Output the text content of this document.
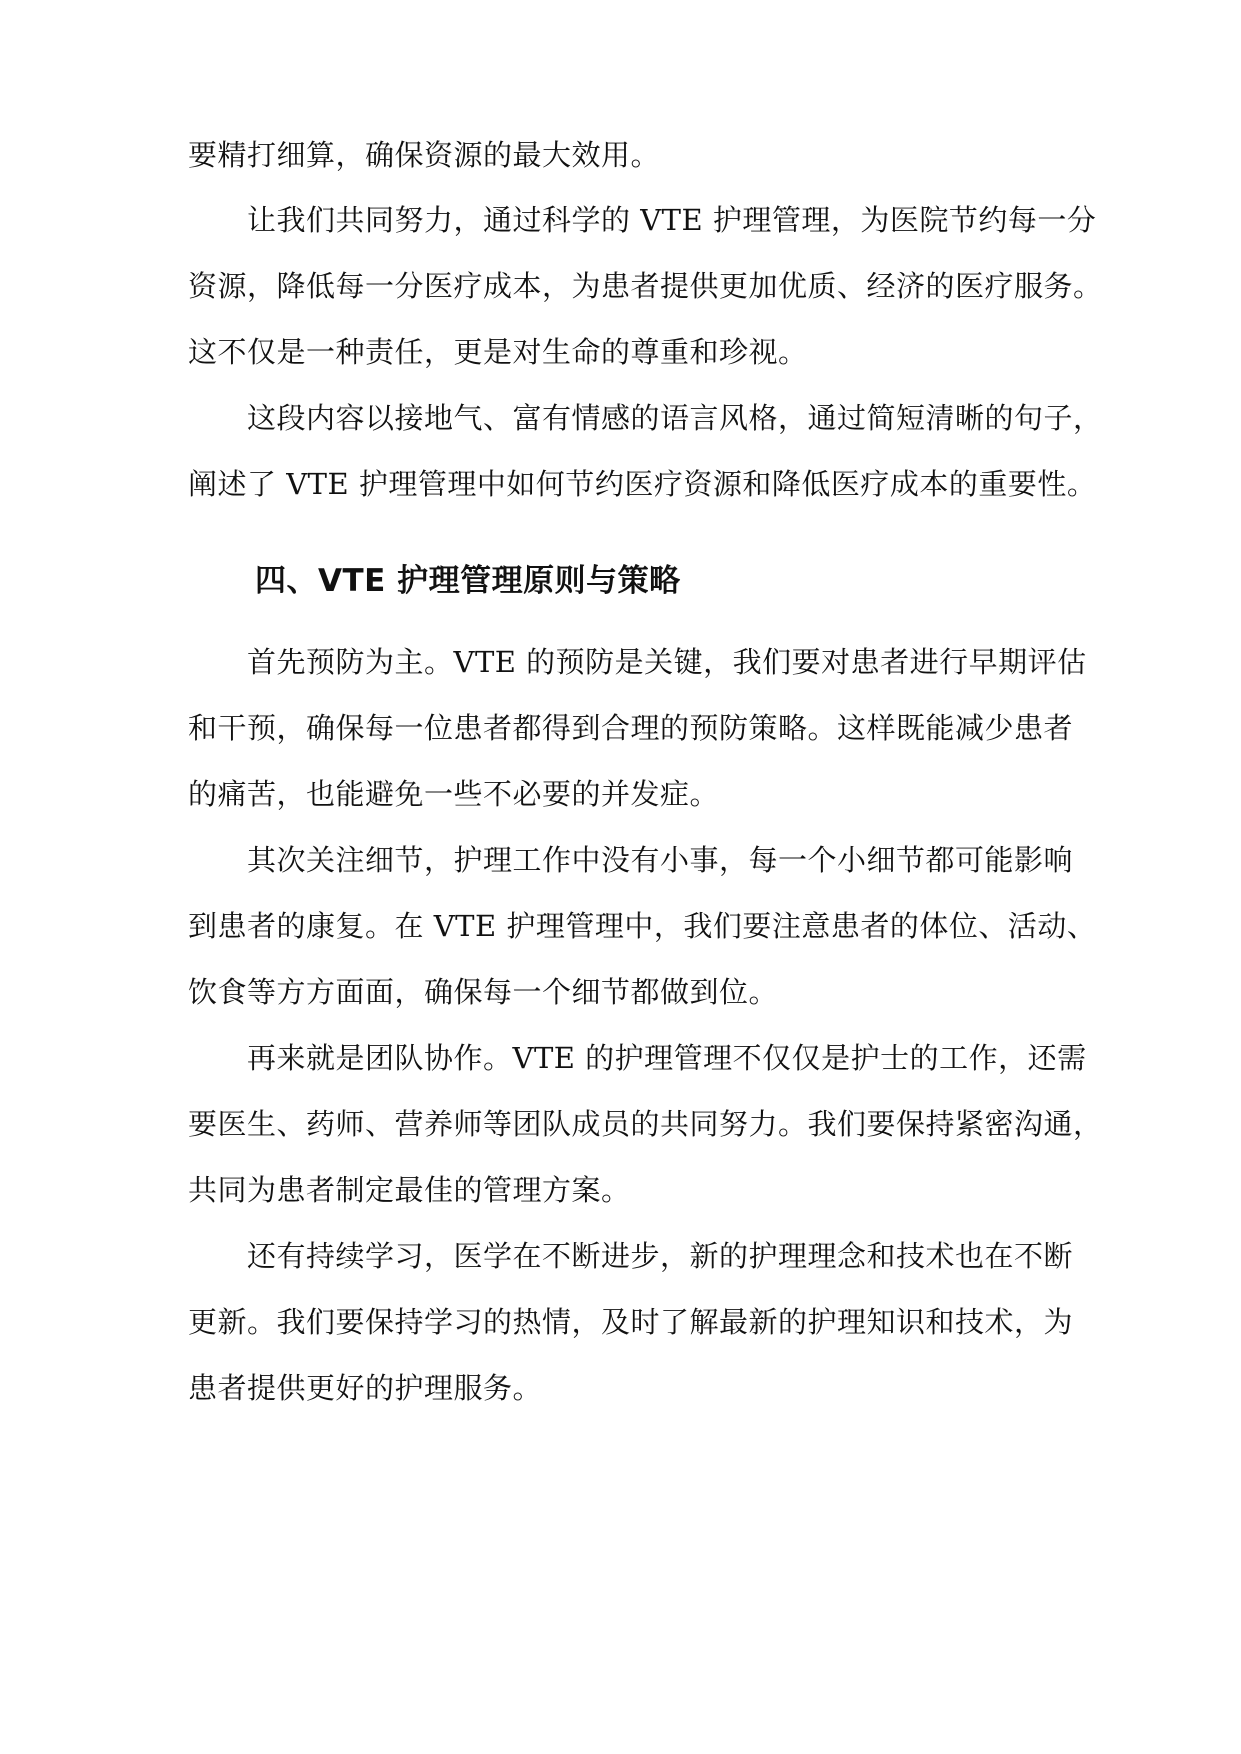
要精打细算，确保资源的最大效用。
让我们共同努力，通过科学的 VTE 护理管理，为医院节约每一分
资源，降低每一分医疗成本，为患者提供更加优质、经济的医疗服务。
这不仅是一种责任，更是对生命的尊重和珍视。
这段内容以接地气、富有情感的语言风格，通过简短清晰的句子，
阐述了 VTE 护理管理中如何节约医疗资源和降低医疗成本的重要性。
四、VTE 护理管理原则与策略
首先预防为主。VTE 的预防是关键，我们要对患者进行早期评估
和干预，确保每一位患者都得到合理的预防策略。这样既能减少患者
的痛苦，也能避免一些不必要的并发症。
其次关注细节，护理工作中没有小事，每一个小细节都可能影响
到患者的康复。在 VTE 护理管理中，我们要注意患者的体位、活动、
饮食等方方面面，确保每一个细节都做到位。
再来就是团队协作。VTE 的护理管理不仅仅是护士的工作，还需
要医生、药师、营养师等团队成员的共同努力。我们要保持紧密沟通，
共同为患者制定最佳的管理方案。
还有持续学习，医学在不断进步，新的护理理念和技术也在不断
更新。我们要保持学习的热情，及时了解最新的护理知识和技术，为
患者提供更好的护理服务。
